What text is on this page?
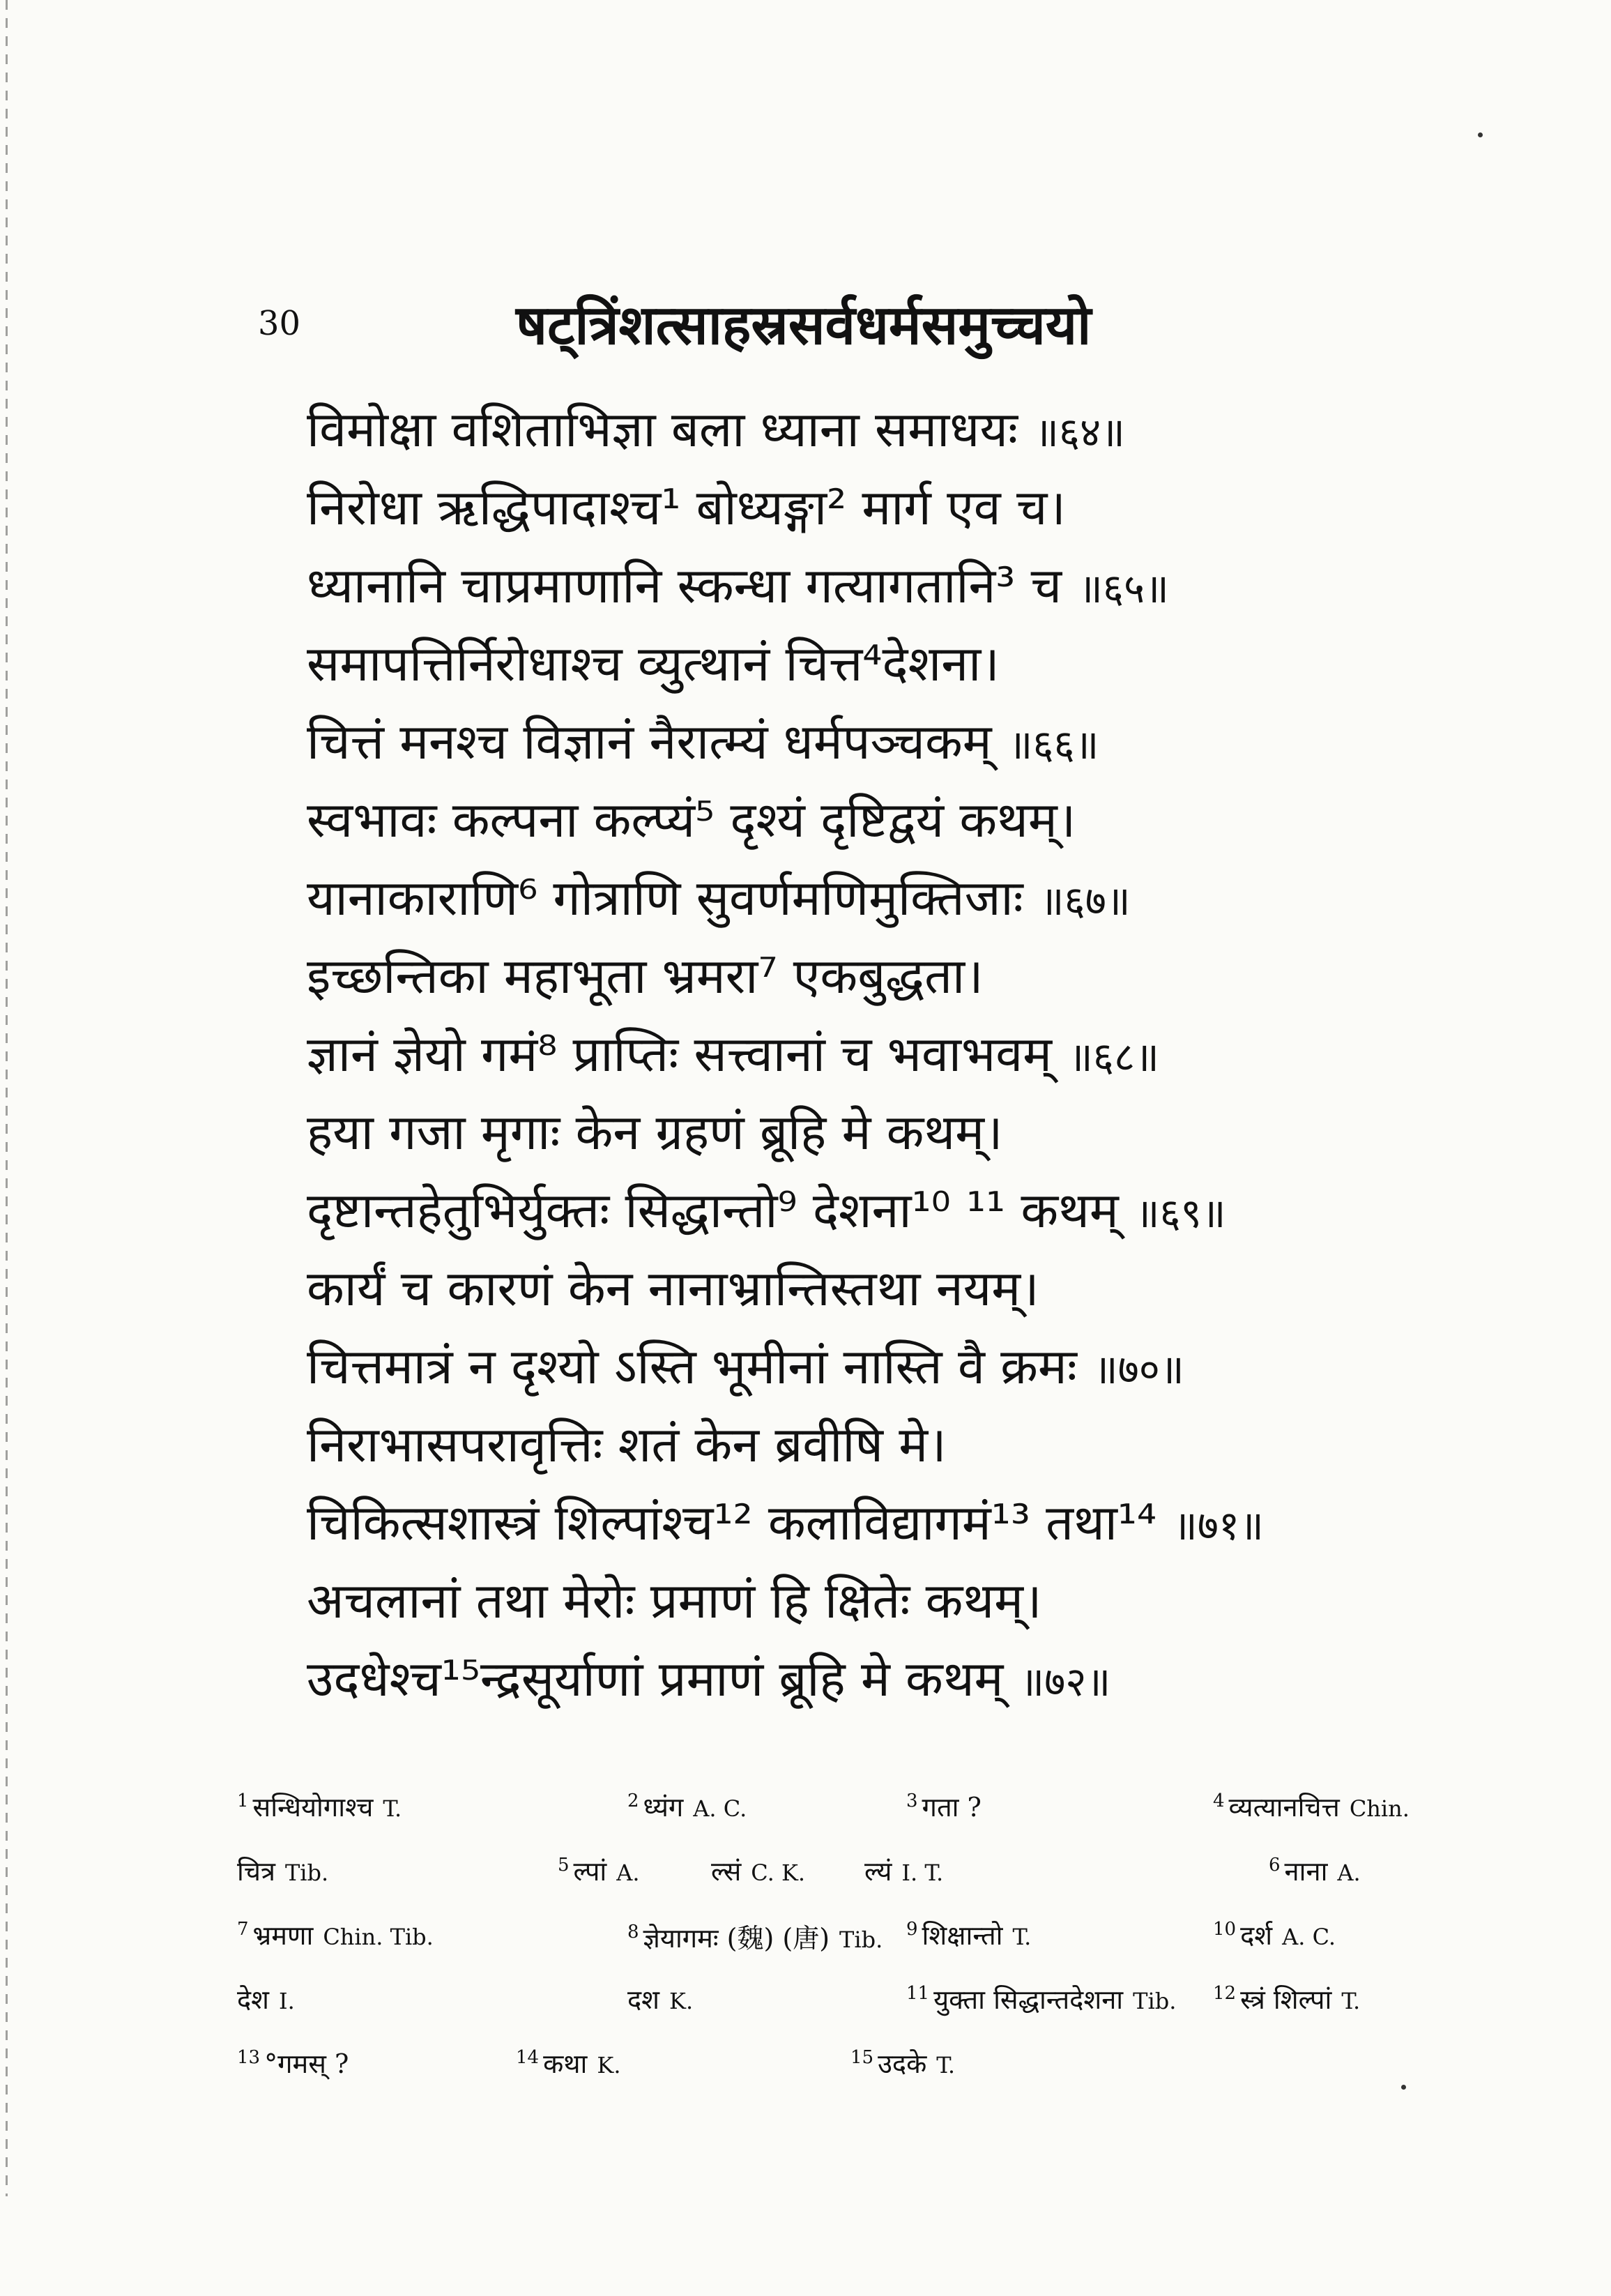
30	षट्त्रिंशत्साहस्रसर्वधर्मसमुच्चयो
विमोक्षा वशिताभिज्ञा बला ध्याना समाधयः ॥६४॥
निरोधा ऋद्धिपादाश्च¹ बोध्यङ्गा² मार्ग एव च।
ध्यानानि चाप्रमाणानि स्कन्धा गत्यागतानि³ च ॥६५॥
समापत्तिर्निरोधाश्च व्युत्थानं चित्त⁴देशना।
चित्तं मनश्च विज्ञानं नैरात्म्यं धर्मपञ्चकम् ॥६६॥
स्वभावः कल्पना कल्प्यं⁵ दृश्यं दृष्टिद्वयं कथम्।
यानाकाराणि⁶ गोत्राणि सुवर्णमणिमुक्तिजाः ॥६७॥
इच्छन्तिका महाभूता भ्रमरा⁷ एकबुद्धता।
ज्ञानं ज्ञेयो गमं⁸ प्राप्तिः सत्त्वानां च भवाभवम् ॥६८॥
हया गजा मृगाः केन ग्रहणं ब्रूहि मे कथम्।
दृष्टान्तहेतुभिर्युक्तः सिद्धान्तो⁹ देशना¹⁰ ¹¹ कथम् ॥६९॥
कार्यं च कारणं केन नानाभ्रान्तिस्तथा नयम्।
चित्तमात्रं न दृश्यो ऽस्ति भूमीनां नास्ति वै क्रमः ॥७०॥
निराभासपरावृत्तिः शतं केन ब्रवीषि मे।
चिकित्सशास्त्रं शिल्पांश्च¹² कलाविद्यागमं¹³ तथा¹⁴ ॥७१॥
अचलानां तथा मेरोः प्रमाणं हि क्षितेः कथम्।
उदधेश्च¹⁵न्द्रसूर्याणां प्रमाणं ब्रूहि मे कथम् ॥७२॥
$^1$ सन्धियोगाश्च T.	$^2$ ध्यंग A. C.	$^3$ गता ?	$^4$ व्यत्यानचित्त Chin.
चित्र Tib.	$^5$ ल्पां A.	ल्सं C. K. ल्यं I. T.	$^6$ नाना A.
$^7$ भ्रमणा Chin. Tib.	$^8$ ज्ञेयागमः (魏) (唐) Tib. $^9$ शिक्षान्तो T.	$^{10}$ दर्श A. C.
देश I.	दश K.	$^{11}$ युक्ता सिद्धान्तदेशना Tib. $^{12}$ स्त्रं शिल्पां T.
$^{13}$ °गमस् ?	$^{14}$ कथा K.	$^{15}$ उदके T.
